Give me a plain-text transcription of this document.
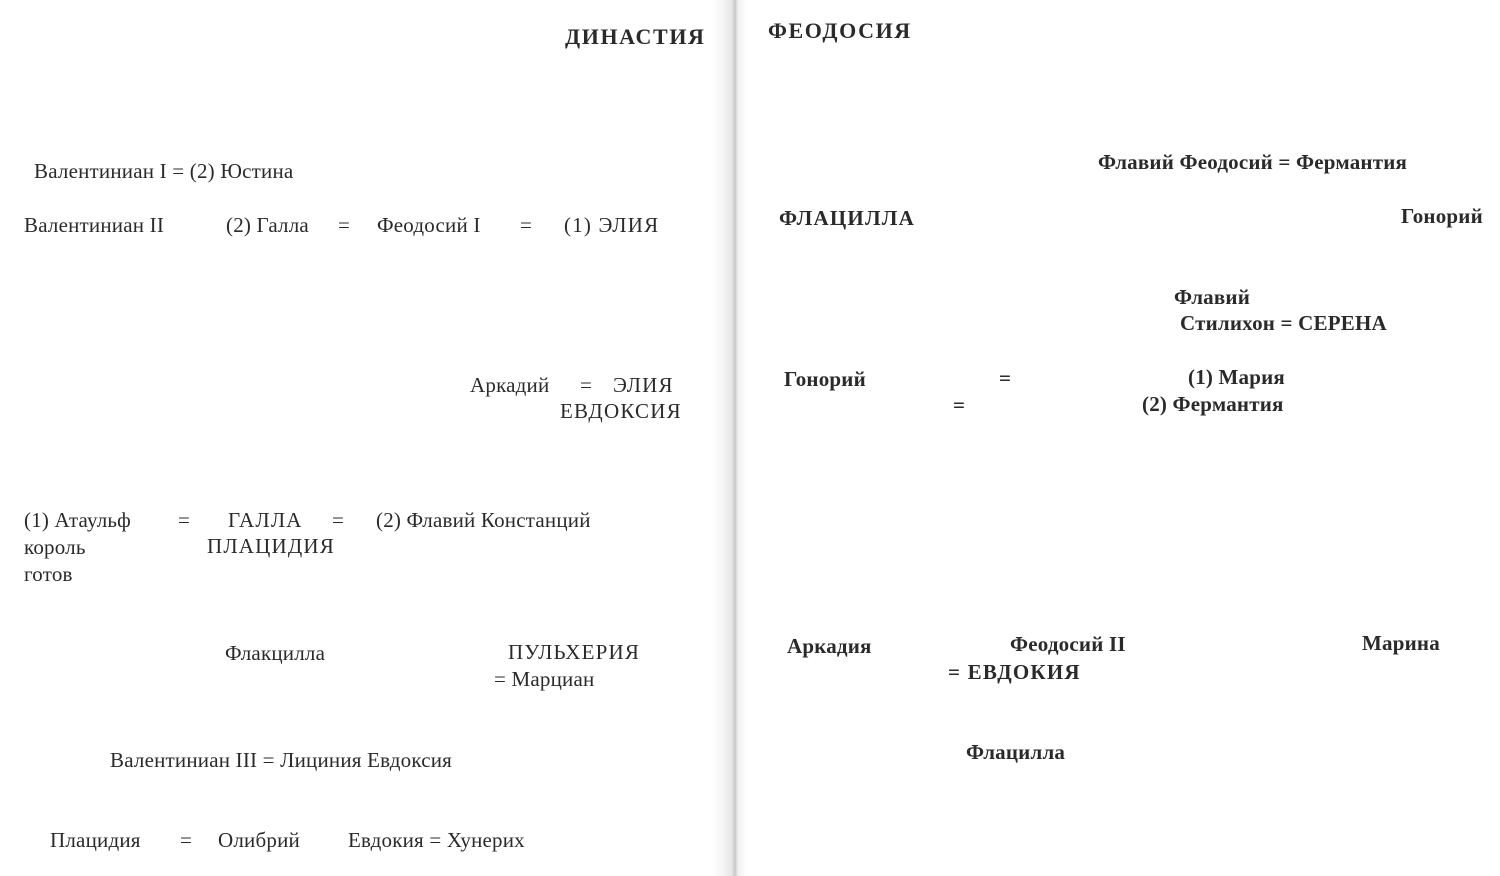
ДИНАСТИЯ
Валентиниан I = (2) Юстина
Валентиниан II	(2) Галла = Феодосий I = (1) ЭЛИЯ
Аркадий = ЭЛИЯ
ЕВДОКСИЯ
(1) Атаульф
король
готов
= ГАЛЛА
ПЛАЦИДИЯ
= (2) Флавий Констанций
Флакцилла	ПУЛЬХЕРИЯ
= Марциан
Валентиниан III = Лициния Евдоксия
Плацидия = Олибрий Евдокия = Хунерих
ФЕОДОСИЯ
Флавий Феодосий = Фермантия
ФЛАЦИЛЛА	Гонорий
Флавий
Стилихон = СЕРЕНА
Гонорий	=
=
(1) Мария
(2) Фермантия
Аркадия	Феодосий II
= ЕВДОКИЯ
Марина
Флацилла
